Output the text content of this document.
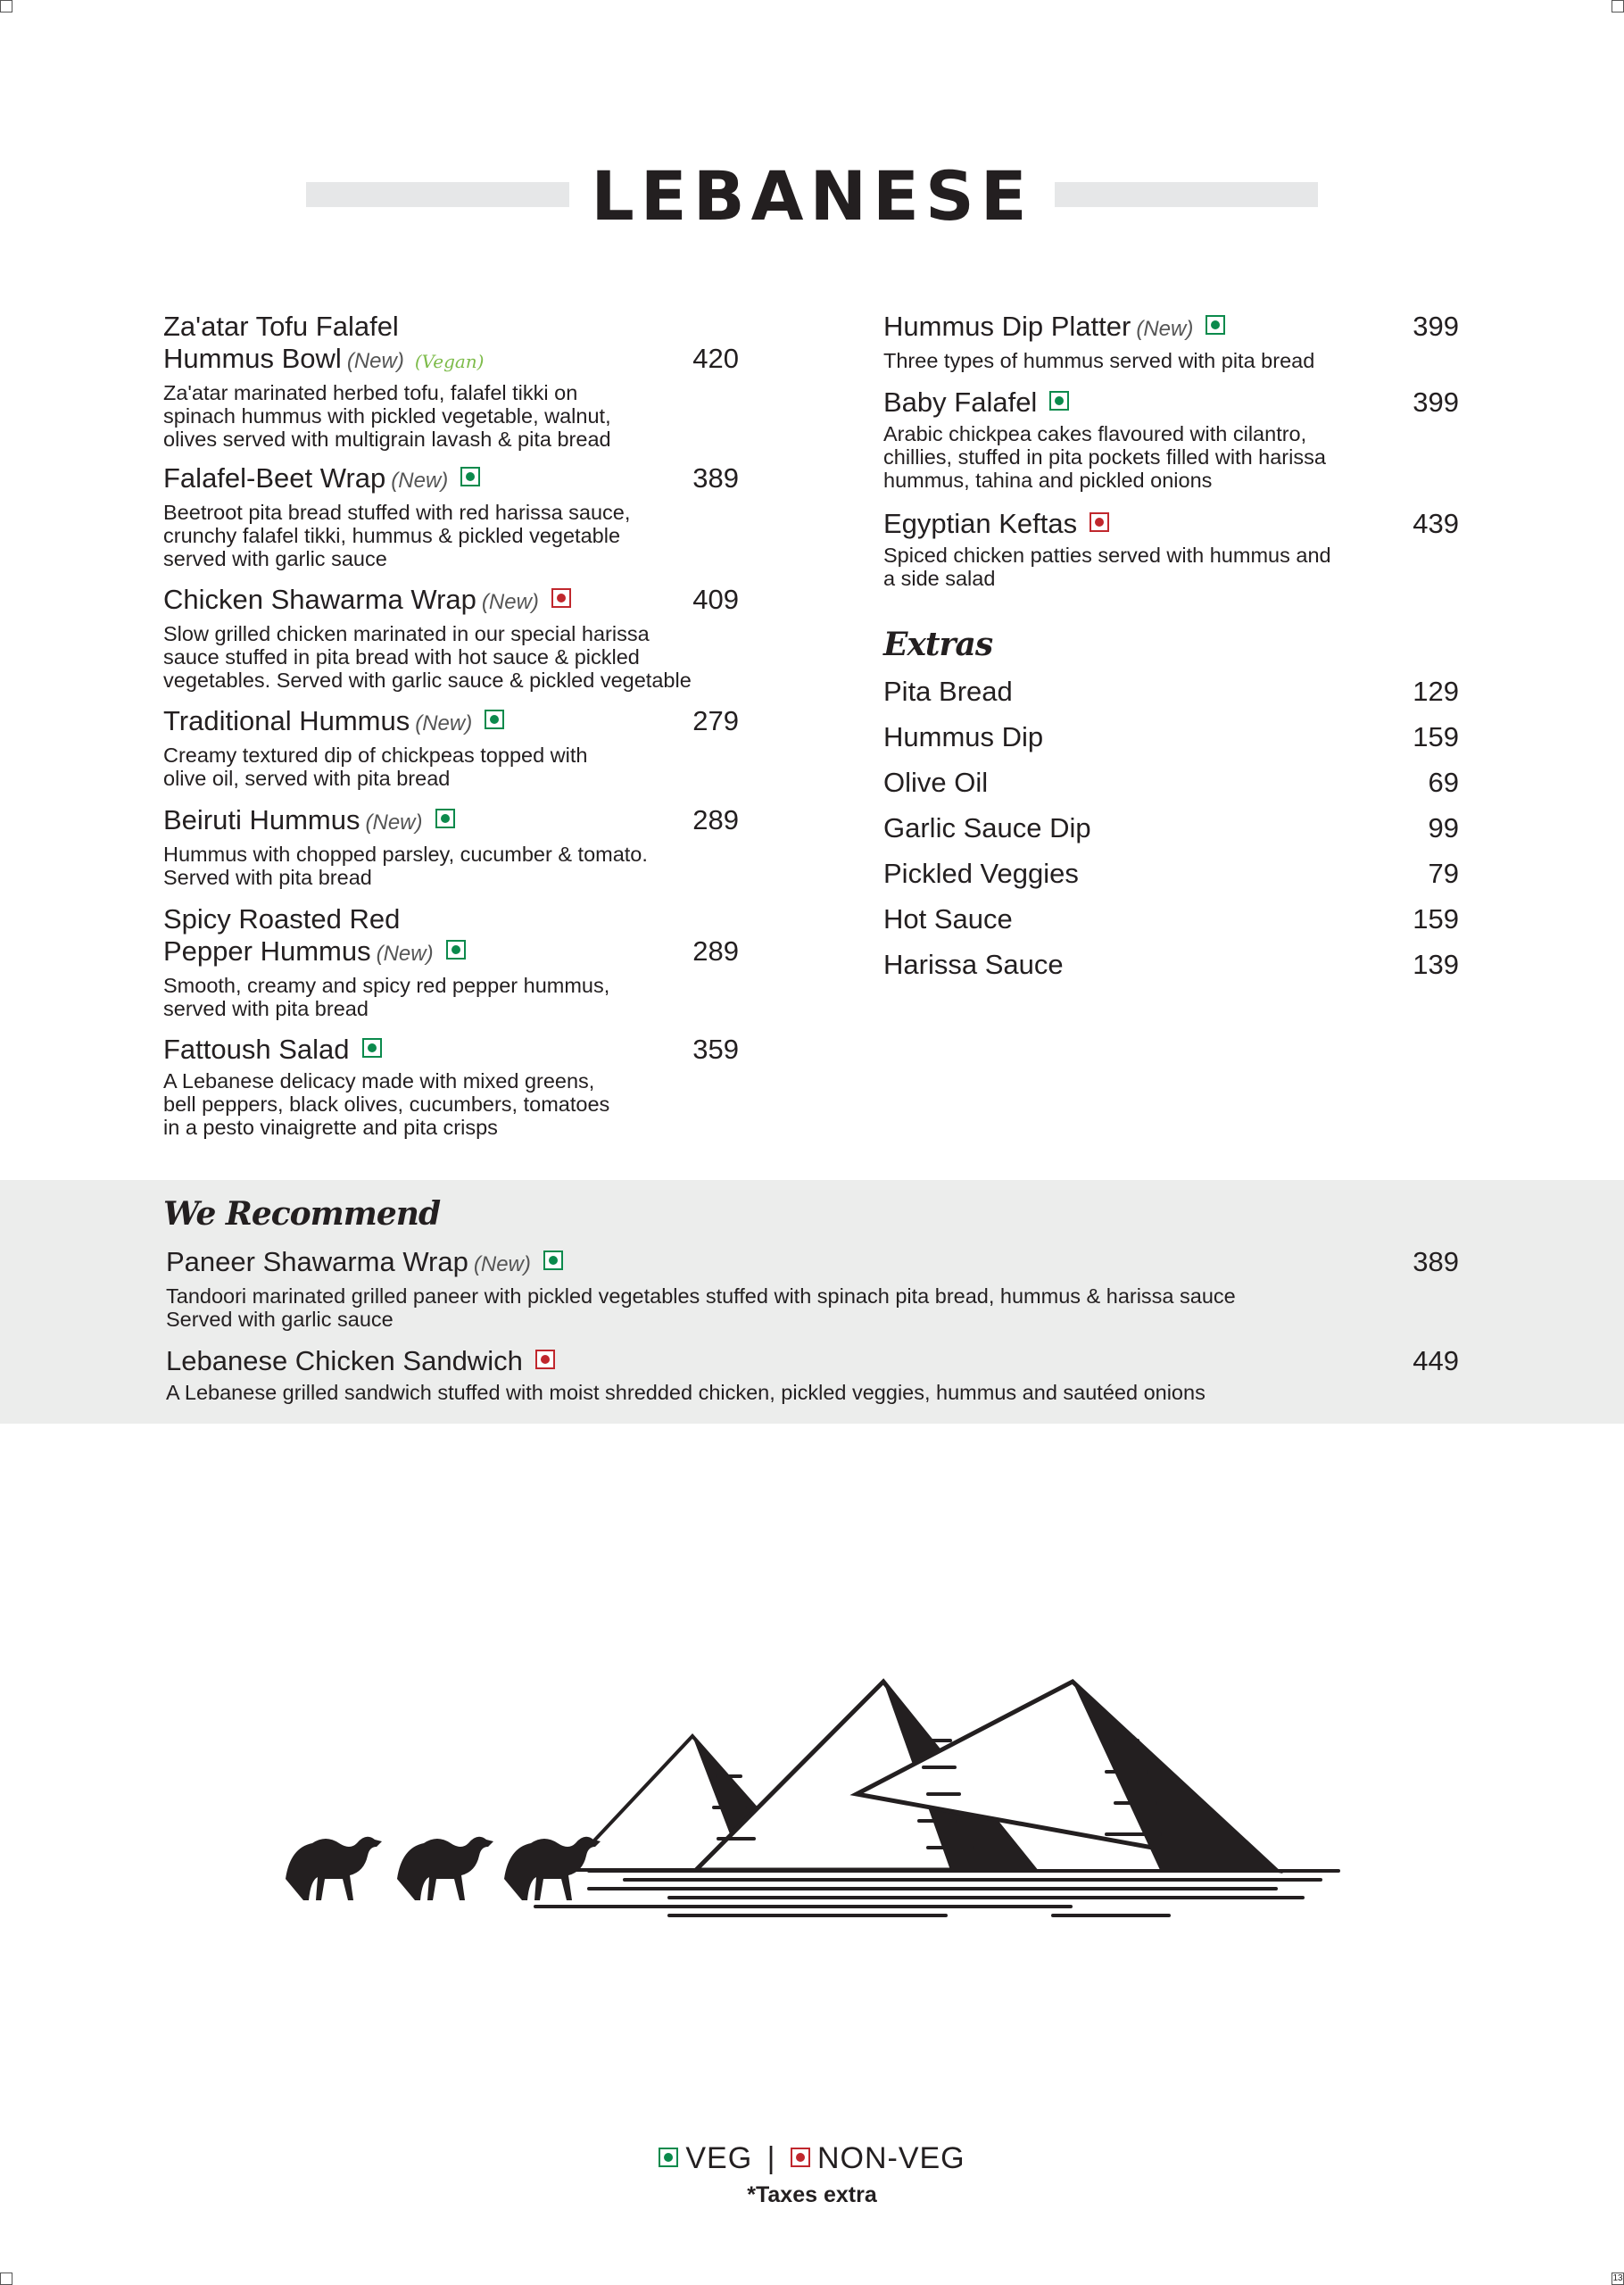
13
LEBANESE
Za'atar Tofu Falafel
Hummus Bowl (New) (Vegan)	420
Za'atar marinated herbed tofu, falafel tikki on
spinach hummus with pickled vegetable, walnut,
olives served with multigrain lavash & pita bread
Falafel-Beet Wrap (New)	389
Beetroot pita bread stuffed with red harissa sauce,
crunchy falafel tikki, hummus & pickled vegetable
served with garlic sauce
Chicken Shawarma Wrap (New)	409
Slow grilled chicken marinated in our special harissa
sauce stuffed in pita bread with hot sauce & pickled
vegetables. Served with garlic sauce & pickled vegetable
Traditional Hummus (New)	279
Creamy textured dip of chickpeas topped with
olive oil, served with pita bread
Beiruti Hummus (New)	289
Hummus with chopped parsley, cucumber & tomato.
Served with pita bread
Spicy Roasted Red
Pepper Hummus (New)	289
Smooth, creamy and spicy red pepper hummus,
served with pita bread
Fattoush Salad	359
A Lebanese delicacy made with mixed greens,
bell peppers, black olives, cucumbers, tomatoes
in a pesto vinaigrette and pita crisps
Hummus Dip Platter (New)	399
Three types of hummus served with pita bread
Baby Falafel	399
Arabic chickpea cakes flavoured with cilantro,
chillies, stuffed in pita pockets filled with harissa
hummus, tahina and pickled onions
Egyptian Keftas	439
Spiced chicken patties served with hummus and
a side salad
Extras
Pita Bread	129
Hummus Dip	159
Olive Oil	69
Garlic Sauce Dip	99
Pickled Veggies	79
Hot Sauce	159
Harissa Sauce	139
We Recommend
Paneer Shawarma Wrap (New)	389
Tandoori marinated grilled paneer with pickled vegetables stuffed with spinach pita bread, hummus & harissa sauce
Served with garlic sauce
Lebanese Chicken Sandwich	449
A Lebanese grilled sandwich stuffed with moist shredded chicken, pickled veggies, hummus and sautéed onions
VEG | NON-VEG
*Taxes extra
